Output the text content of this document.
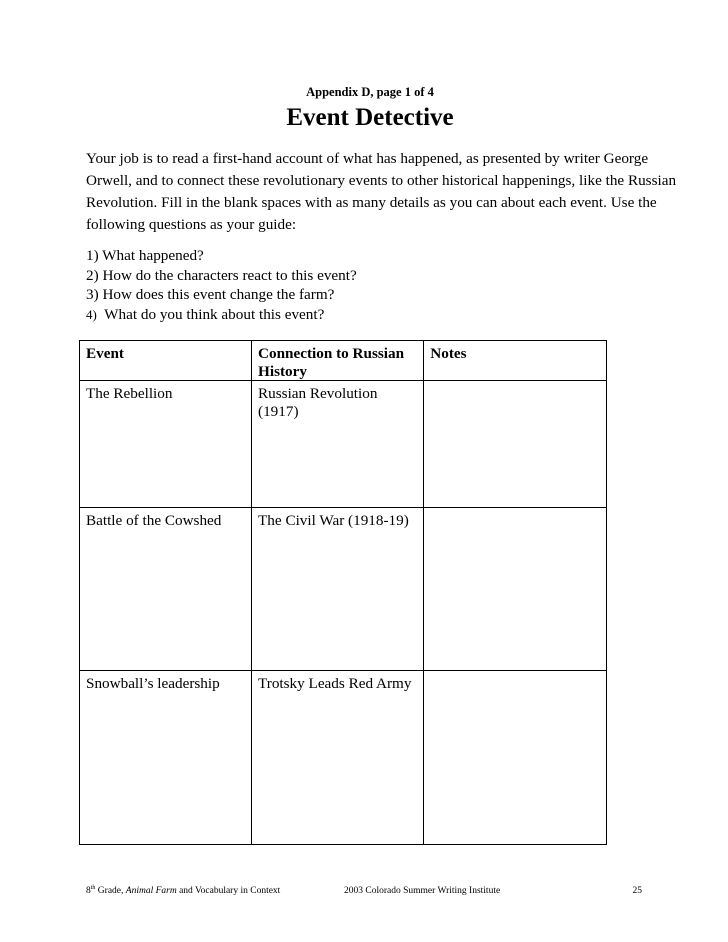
Appendix D, page 1 of 4
Event Detective

Your job is to read a first-hand account of what has happened, as presented by writer George Orwell, and to connect these revolutionary events to other historical happenings, like the Russian Revolution. Fill in the blank spaces with as many details as you can about each event. Use the following questions as your guide:

1) What happened?
2) How do the characters react to this event?
3) How does this event change the farm?
4) What do you think about this event?
Event	Connection to Russian History	Notes
The Rebellion	Russian Revolution (1917)	
Battle of the Cowshed	The Civil War (1918-19)	
Snowball’s leadership	Trotsky Leads Red Army	
8th Grade, Animal Farm and Vocabulary in Context	2003 Colorado Summer Writing Institute	25
